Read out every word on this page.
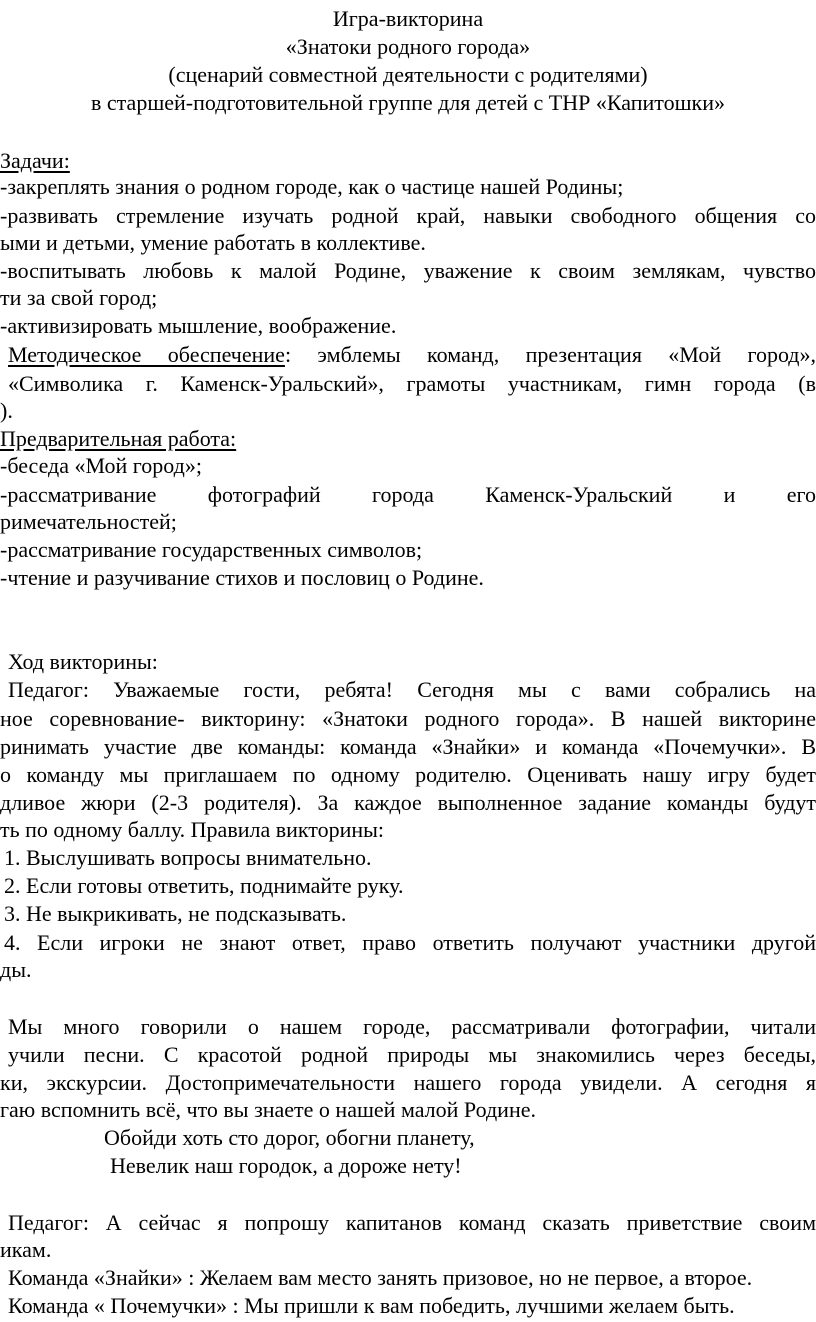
Игра-викторина
«Знатоки родного города»
(сценарий совместной деятельности с родителями)
в старшей-подготовительной группе для детей с ТНР «Капитошки»
Задачи:
-закреплять знания о родном городе, как о частице нашей Родины;
-развивать стремление изучать родной край, навыки свободного общения со
ыми и детьми, умение работать в коллективе.
-воспитывать любовь к малой Родине, уважение к своим землякам, чувство
ти за свой город;
-активизировать мышление, воображение.
Методическое обеспечение: эмблемы команд, презентация «Мой город»,
«Символика г. Каменск-Уральский», грамоты участникам, гимн города (в
).
Предварительная работа:
-беседа «Мой город»;
-рассматривание фотографий города Каменск-Уральский и его
римечательностей;
-рассматривание государственных символов;
-чтение и разучивание стихов и пословиц о Родине.
Ход викторины:
Педагог: Уважаемые гости, ребята! Сегодня мы с вами собрались на
ное соревнование- викторину: «Знатоки родного города». В нашей викторине
ринимать участие две команды: команда «Знайки» и команда «Почемучки». В
о команду мы приглашаем по одному родителю. Оценивать нашу игру будет
дливое жюри (2-3 родителя). За каждое выполненное задание команды будут
ть по одному баллу. Правила викторины:
1. Выслушивать вопросы внимательно.
2. Если готовы ответить, поднимайте руку.
3. Не выкрикивать, не подсказывать.
4. Если игроки не знают ответ, право ответить получают участники другой
ды.
Мы много говорили о нашем городе, рассматривали фотографии, читали
учили песни. С красотой родной природы мы знакомились через беседы,
ки, экскурсии. Достопримечательности нашего города увидели. А сегодня я
гаю вспомнить всё, что вы знаете о нашей малой Родине.
Обойди хоть сто дорог, обогни планету,
Невелик наш городок, а дороже нету!
Педагог: А сейчас я попрошу капитанов команд сказать приветствие своим
икам.
Команда «Знайки» : Желаем вам место занять призовое, но не первое, а второе.
Команда « Почемучки» : Мы пришли к вам победить, лучшими желаем быть.
